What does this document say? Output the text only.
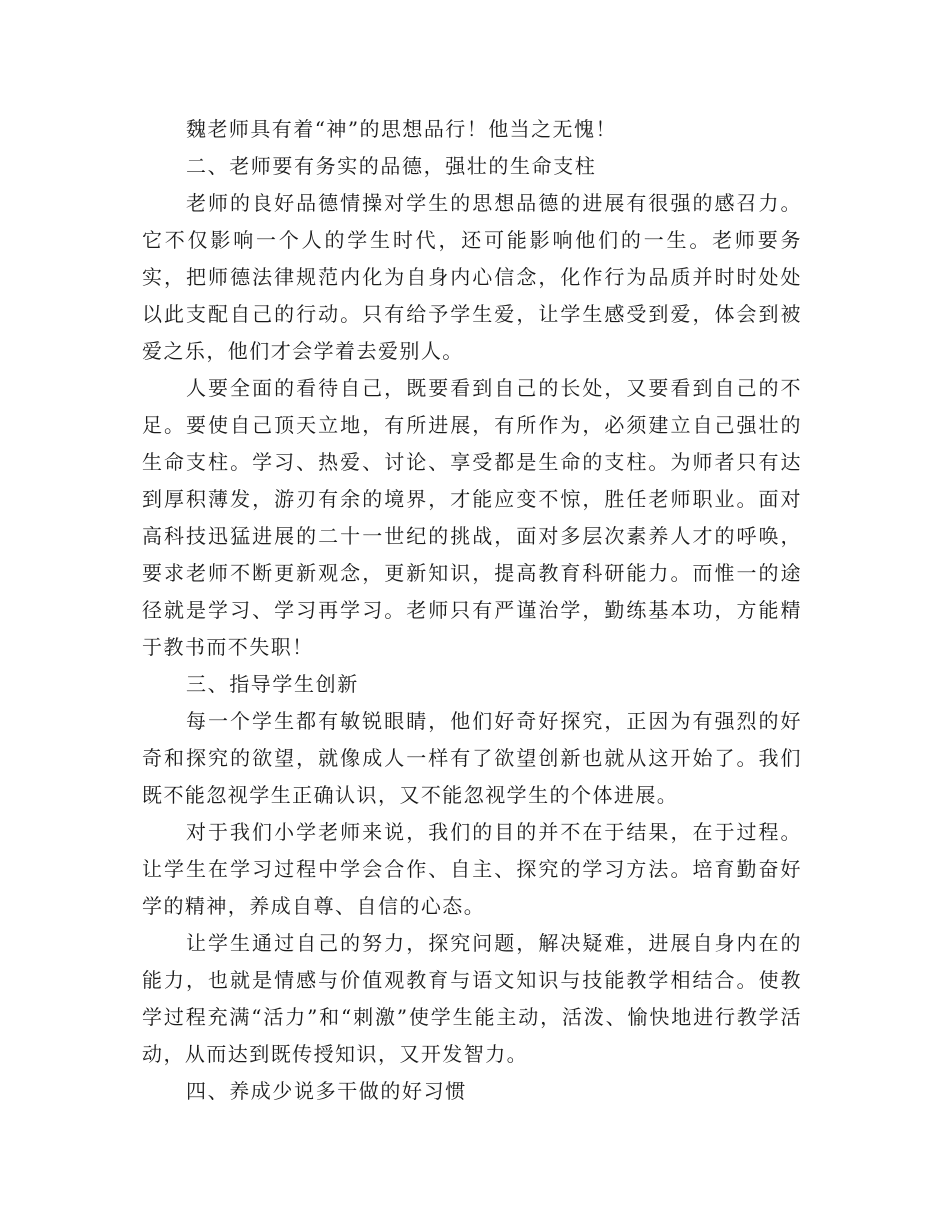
魏老师具有着“神”的思想品行！他当之无愧！

二、老师要有务实的品德，强壮的生命支柱

老师的良好品德情操对学生的思想品德的进展有很强的感召力。它不仅影响一个人的学生时代，还可能影响他们的一生。老师要务实，把师德法律规范内化为自身内心信念，化作行为品质并时时处处以此支配自己的行动。只有给予学生爱，让学生感受到爱，体会到被爱之乐，他们才会学着去爱别人。

人要全面的看待自己，既要看到自己的长处，又要看到自己的不足。要使自己顶天立地，有所进展，有所作为，必须建立自己强壮的生命支柱。学习、热爱、讨论、享受都是生命的支柱。为师者只有达到厚积薄发，游刃有余的境界，才能应变不惊，胜任老师职业。面对高科技迅猛进展的二十一世纪的挑战，面对多层次素养人才的呼唤，要求老师不断更新观念，更新知识，提高教育科研能力。而惟一的途径就是学习、学习再学习。老师只有严谨治学，勤练基本功，方能精于教书而不失职！

三、指导学生创新

每一个学生都有敏锐眼睛，他们好奇好探究，正因为有强烈的好奇和探究的欲望，就像成人一样有了欲望创新也就从这开始了。我们既不能忽视学生正确认识，又不能忽视学生的个体进展。

对于我们小学老师来说，我们的目的并不在于结果，在于过程。让学生在学习过程中学会合作、自主、探究的学习方法。培育勤奋好学的精神，养成自尊、自信的心态。

让学生通过自己的努力，探究问题，解决疑难，进展自身内在的能力，也就是情感与价值观教育与语文知识与技能教学相结合。使教学过程充满“活力”和“刺激”使学生能主动，活泼、愉快地进行教学活动，从而达到既传授知识，又开发智力。

四、养成少说多干做的好习惯
